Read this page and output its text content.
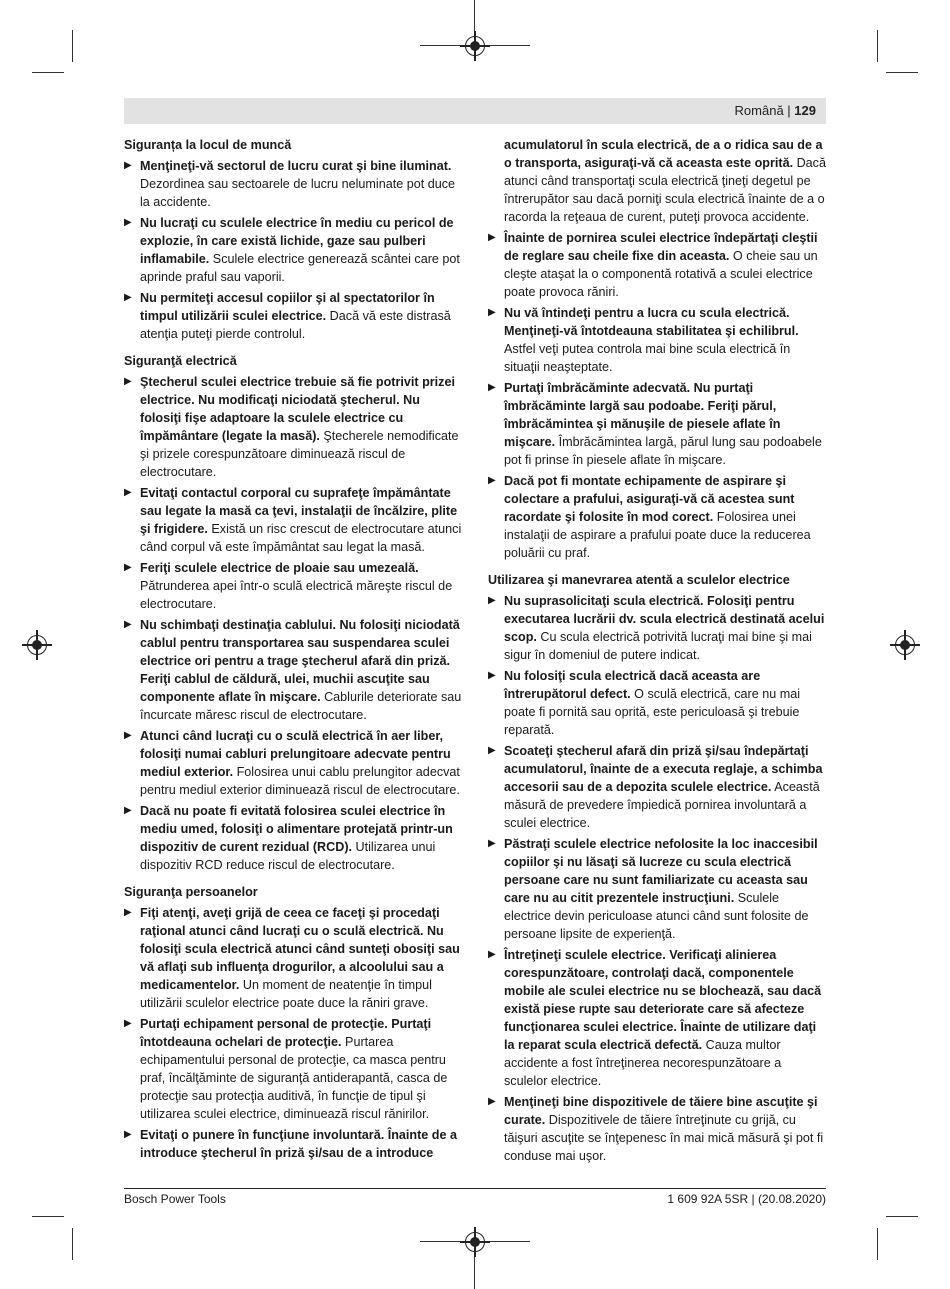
Română | 129
Siguranța la locul de muncă
▶ Menţineţi-vă sectorul de lucru curat şi bine iluminat. Dezordinea sau sectoarele de lucru neluminate pot duce la accidente.
▶ Nu lucraţi cu sculele electrice în mediu cu pericol de explozie, în care există lichide, gaze sau pulberi inflamabile. Sculele electrice generează scântei care pot aprinde praful sau vaporii.
▶ Nu permiteţi accesul copiilor şi al spectatorilor în timpul utilizării sculei electrice. Dacă vă este distrasă atenţia puteţi pierde controlul.
Siguranţă electrică
▶ Ştecherul sculei electrice trebuie să fie potrivit prizei electrice. Nu modificaţi niciodată ştecherul. Nu folosiţi fişe adaptoare la sculele electrice cu împământare (legate la masă). Ştecherele nemodificate şi prizele corespunzătoare diminuează riscul de electrocutare.
▶ Evitaţi contactul corporal cu suprafeţe împământate sau legate la masă ca ţevi, instalaţii de încălzire, plite şi frigidere. Există un risc crescut de electrocutare atunci când corpul vă este împământat sau legat la masă.
▶ Feriţi sculele electrice de ploaie sau umezeală. Pătrunderea apei într-o sculă electrică măreşte riscul de electrocutare.
▶ Nu schimbaţi destinaţia cablului. Nu folosiţi niciodată cablul pentru transportarea sau suspendarea sculei electrice ori pentru a trage ştecherul afară din priză. Feriţi cablul de căldură, ulei, muchii ascuţite sau componente aflate în mişcare. Cablurile deteriorate sau încurcate măresc riscul de electrocutare.
▶ Atunci când lucraţi cu o sculă electrică în aer liber, folosiţi numai cabluri prelungitoare adecvate pentru mediul exterior. Folosirea unui cablu prelungitor adecvat pentru mediul exterior diminuează riscul de electrocutare.
▶ Dacă nu poate fi evitată folosirea sculei electrice în mediu umed, folosiţi o alimentare protejată printr-un dispozitiv de curent rezidual (RCD). Utilizarea unui dispozitiv RCD reduce riscul de electrocutare.
Siguranţa persoanelor
▶ Fiţi atenţi, aveţi grijă de ceea ce faceţi şi procedaţi raţional atunci când lucraţi cu o sculă electrică. Nu folosiţi scula electrică atunci când sunteţi obosiţi sau vă aflaţi sub influenţa drogurilor, a alcoolului sau a medicamentelor. Un moment de neatenţie în timpul utilizării sculelor electrice poate duce la răniri grave.
▶ Purtaţi echipament personal de protecţie. Purtaţi întotdeauna ochelari de protecţie. Purtarea echipamentului personal de protecţie, ca masca pentru praf, încălţăminte de siguranţă antiderapantă, casca de protecţie sau protecţia auditivă, în funcţie de tipul şi utilizarea sculei electrice, diminuează riscul rănirilor.
▶ Evitaţi o punere în funcţiune involuntară. Înainte de a introduce ştecherul în priză şi/sau de a introduce
acumulatorul în scula electrică, de a o ridica sau de a o transporta, asiguraţi-vă că aceasta este oprită. Dacă atunci când transportaţi scula electrică ţineţi degetul pe întrerupător sau dacă porniţi scula electrică înainte de a o racorda la reţeaua de curent, puteţi provoca accidente.
▶ Înainte de pornirea sculei electrice îndepărtaţi cleştii de reglare sau cheile fixe din aceasta. O cheie sau un cleşte ataşat la o componentă rotativă a sculei electrice poate provoca răniri.
▶ Nu vă întindeţi pentru a lucra cu scula electrică. Menţineţi-vă întotdeauna stabilitatea şi echilibrul. Astfel veţi putea controla mai bine scula electrică în situaţii neaşteptate.
▶ Purtaţi îmbrăcăminte adecvată. Nu purtaţi îmbrăcăminte largă sau podoabe. Feriţi părul, îmbrăcămintea şi mănuşile de piesele aflate în mişcare. Îmbrăcămintea largă, părul lung sau podoabele pot fi prinse în piesele aflate în mişcare.
▶ Dacă pot fi montate echipamente de aspirare şi colectare a prafului, asiguraţi-vă că acestea sunt racordate şi folosite în mod corect. Folosirea unei instalaţii de aspirare a prafului poate duce la reducerea poluării cu praf.
Utilizarea şi manevrarea atentă a sculelor electrice
▶ Nu suprasolicitaţi scula electrică. Folosiţi pentru executarea lucrării dv. scula electrică destinată acelui scop. Cu scula electrică potrivită lucraţi mai bine şi mai sigur în domeniul de putere indicat.
▶ Nu folosiţi scula electrică dacă aceasta are întrerupătorul defect. O sculă electrică, care nu mai poate fi pornită sau oprită, este periculoasă şi trebuie reparată.
▶ Scoateţi ştecherul afară din priză şi/sau îndepărtaţi acumulatorul, înainte de a executa reglaje, a schimba accesorii sau de a depozita sculele electrice. Această măsură de prevedere împiedică pornirea involuntară a sculei electrice.
▶ Păstraţi sculele electrice nefolosite la loc inaccesibil copiilor şi nu lăsaţi să lucreze cu scula electrică persoane care nu sunt familiarizate cu aceasta sau care nu au citit prezentele instrucţiuni. Sculele electrice devin periculoase atunci când sunt folosite de persoane lipsite de experienţă.
▶ Întreţineţi sculele electrice. Verificaţi alinierea corespunzătoare, controlaţi dacă, componentele mobile ale sculei electrice nu se blochează, sau dacă există piese rupte sau deteriorate care să afecteze funcţionarea sculei electrice. Înainte de utilizare daţi la reparat scula electrică defectă. Cauza multor accidente a fost întreţinerea necorespunzătoare a sculelor electrice.
▶ Menţineţi bine dispozitivele de tăiere bine ascuţite şi curate. Dispozitivele de tăiere întreţinute cu grijă, cu tăişuri ascuţite se înţepenesc în mai mică măsură şi pot fi conduse mai uşor.
Bosch Power Tools	1 609 92A 5SR | (20.08.2020)
